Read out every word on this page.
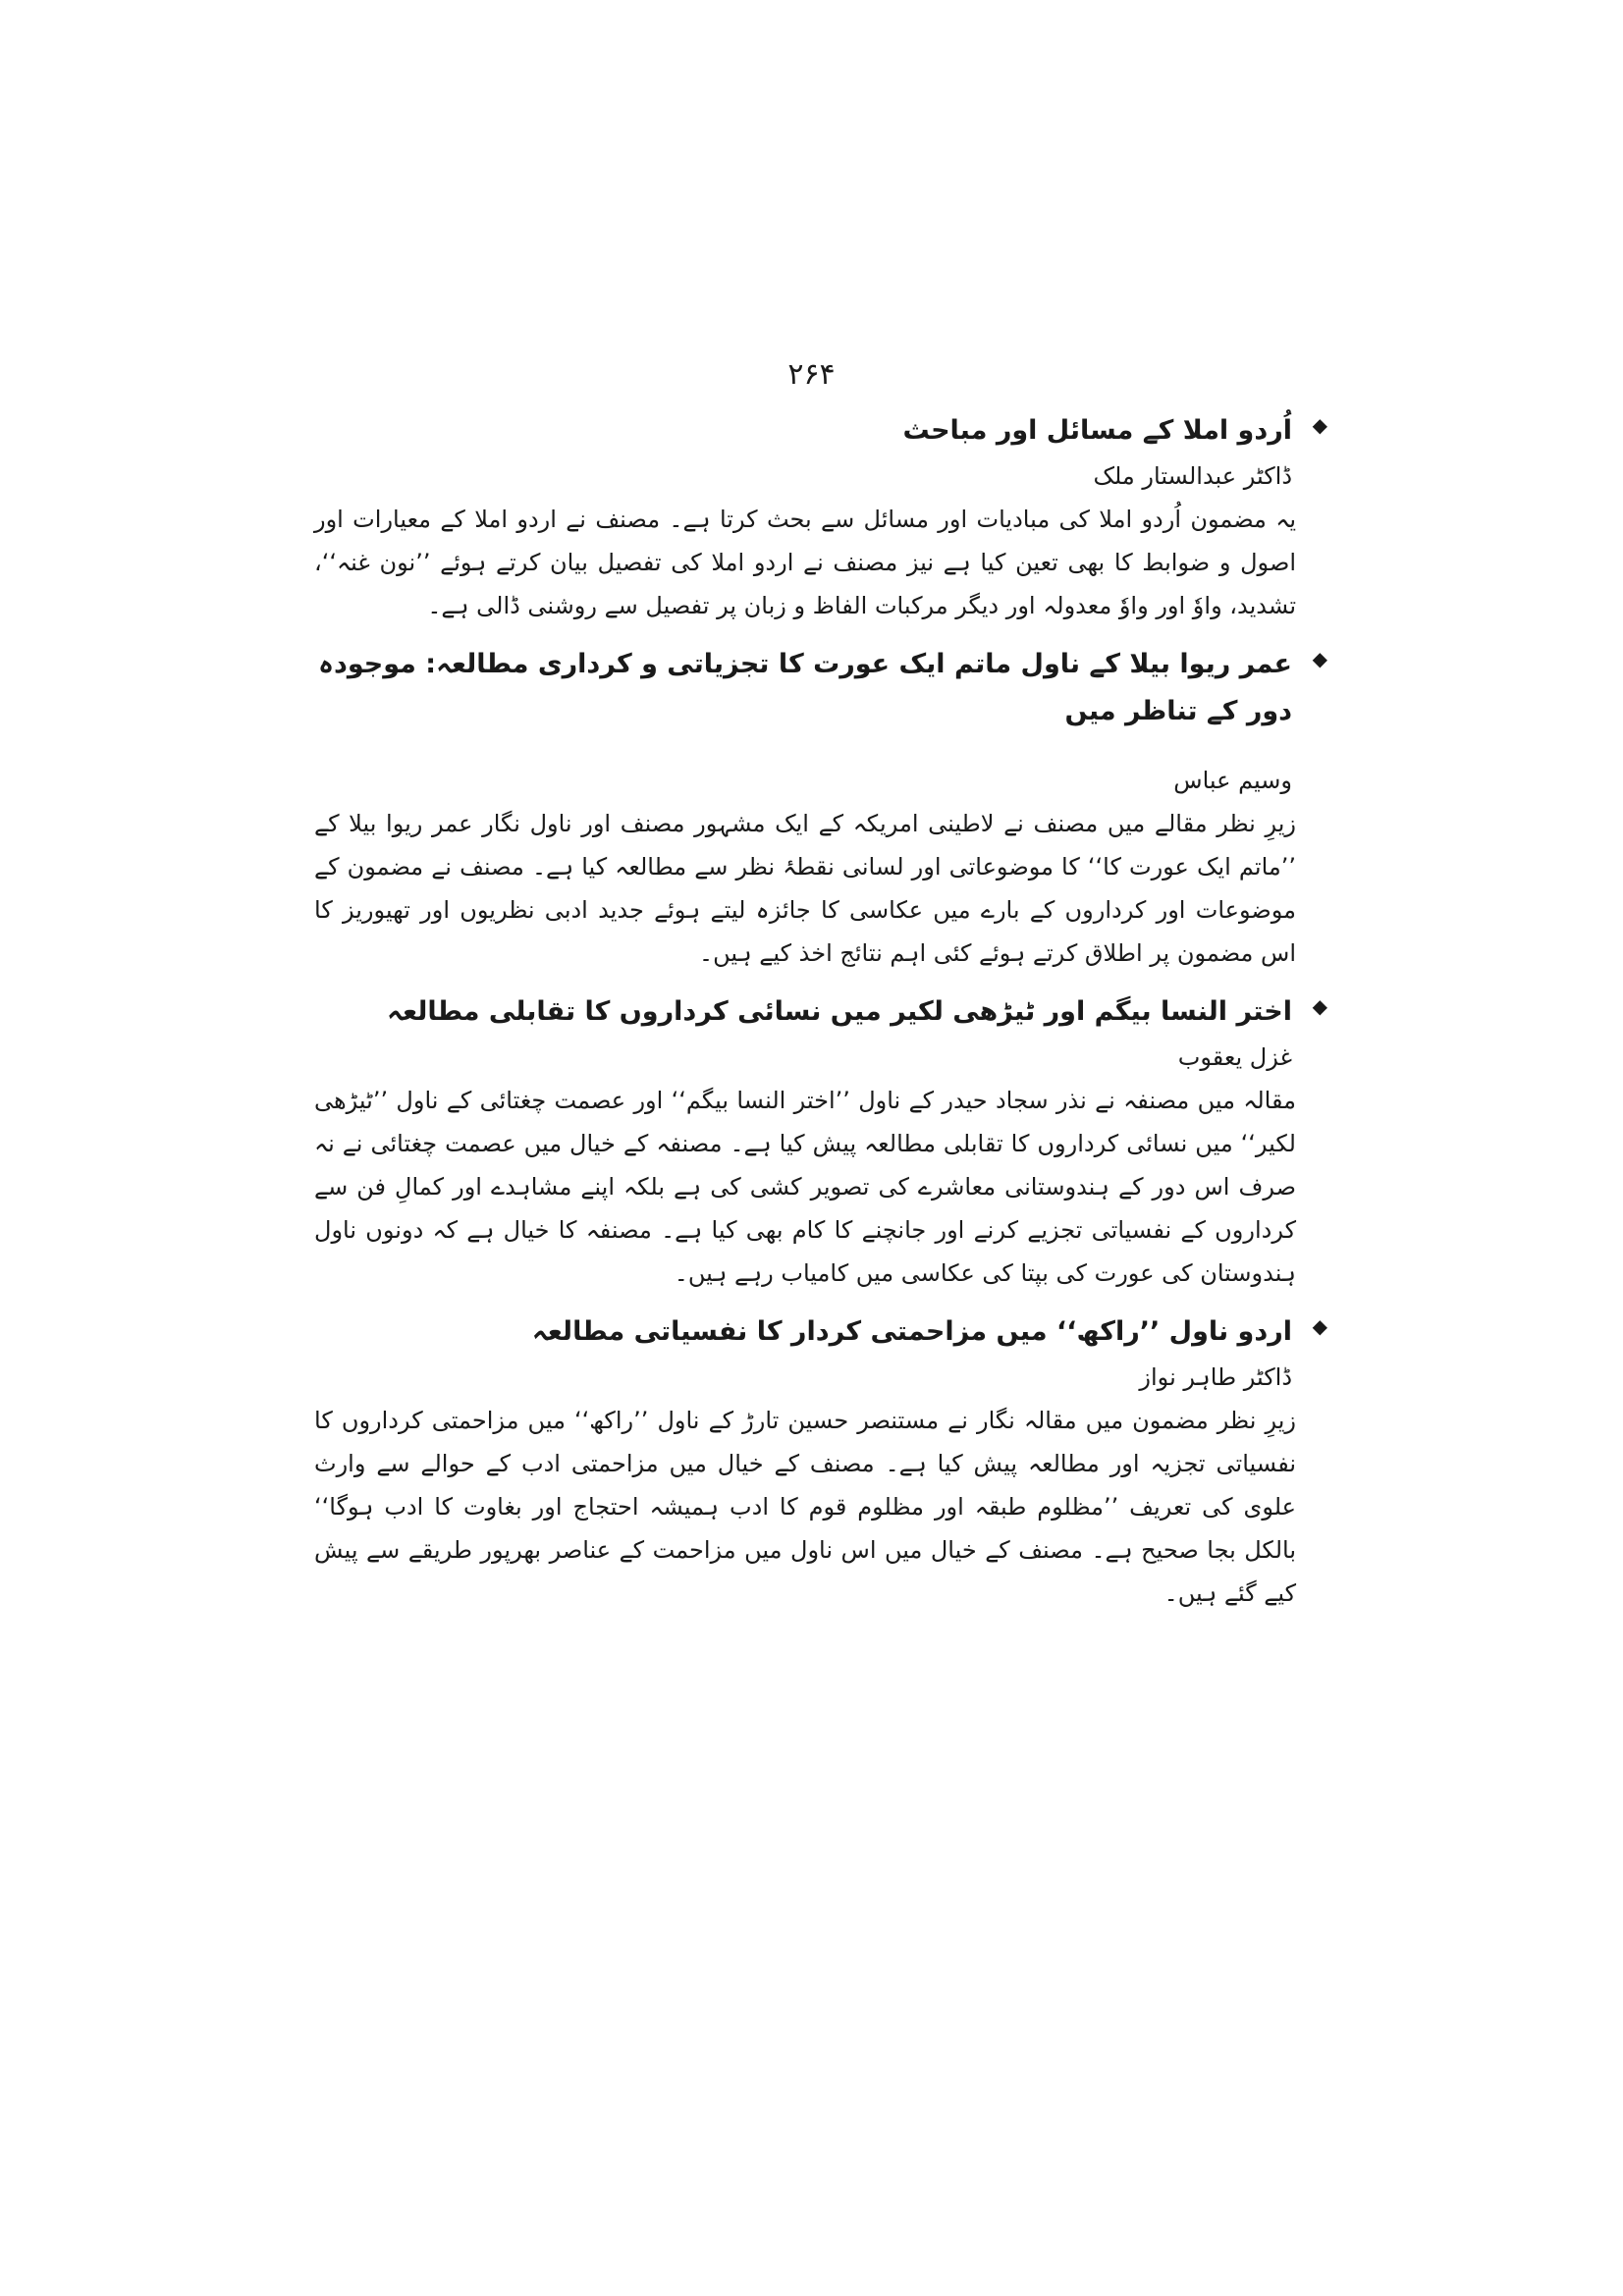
۲۶۴
◆
اُردو املا کے مسائل اور مباحث
ڈاکٹر عبدالستار ملک

یہ مضمون اُردو املا کی مبادیات اور مسائل سے بحث کرتا ہے۔ مصنف نے اردو املا کے معیارات اور اصول و ضوابط کا بھی تعین کیا ہے نیز مصنف نے اردو املا کی تفصیل بیان کرتے ہوئے ’’نون غنہ‘‘، تشدید، واوٗ اور واوٗ معدولہ اور دیگر مرکبات الفاظ و زبان پر تفصیل سے روشنی ڈالی ہے۔

◆
عمر ریوا بیلا کے ناول ماتم ایک عورت کا تجزیاتی و کرداری مطالعہ: موجودہ دور کے تناظر میں
وسیم عباس

زیرِ نظر مقالے میں مصنف نے لاطینی امریکہ کے ایک مشہور مصنف اور ناول نگار عمر ریوا بیلا کے ’’ماتم ایک عورت کا‘‘ کا موضوعاتی اور لسانی نقطۂ نظر سے مطالعہ کیا ہے۔ مصنف نے مضمون کے موضوعات اور کرداروں کے بارے میں عکاسی کا جائزہ لیتے ہوئے جدید ادبی نظریوں اور تھیوریز کا اس مضمون پر اطلاق کرتے ہوئے کئی اہم نتائج اخذ کیے ہیں۔

◆
اختر النسا بیگم اور ٹیڑھی لکیر میں نسائی کرداروں کا تقابلی مطالعہ
غزل یعقوب

مقالہ میں مصنفہ نے نذر سجاد حیدر کے ناول ’’اختر النسا بیگم‘‘ اور عصمت چغتائی کے ناول ’’ٹیڑھی لکیر‘‘ میں نسائی کرداروں کا تقابلی مطالعہ پیش کیا ہے۔ مصنفہ کے خیال میں عصمت چغتائی نے نہ صرف اس دور کے ہندوستانی معاشرے کی تصویر کشی کی ہے بلکہ اپنے مشاہدے اور کمالِ فن سے کرداروں کے نفسیاتی تجزیے کرنے اور جانچنے کا کام بھی کیا ہے۔ مصنفہ کا خیال ہے کہ دونوں ناول ہندوستان کی عورت کی بپتا کی عکاسی میں کامیاب رہے ہیں۔

◆
اردو ناول ’’راکھ‘‘ میں مزاحمتی کردار کا نفسیاتی مطالعہ
ڈاکٹر طاہر نواز

زیرِ نظر مضمون میں مقالہ نگار نے مستنصر حسین تارڑ کے ناول ’’راکھ‘‘ میں مزاحمتی کرداروں کا نفسیاتی تجزیہ اور مطالعہ پیش کیا ہے۔ مصنف کے خیال میں مزاحمتی ادب کے حوالے سے وارث علوی کی تعریف ’’مظلوم طبقہ اور مظلوم قوم کا ادب ہمیشہ احتجاج اور بغاوت کا ادب ہوگا‘‘ بالکل بجا صحیح ہے۔ مصنف کے خیال میں اس ناول میں مزاحمت کے عناصر بھرپور طریقے سے پیش کیے گئے ہیں۔
